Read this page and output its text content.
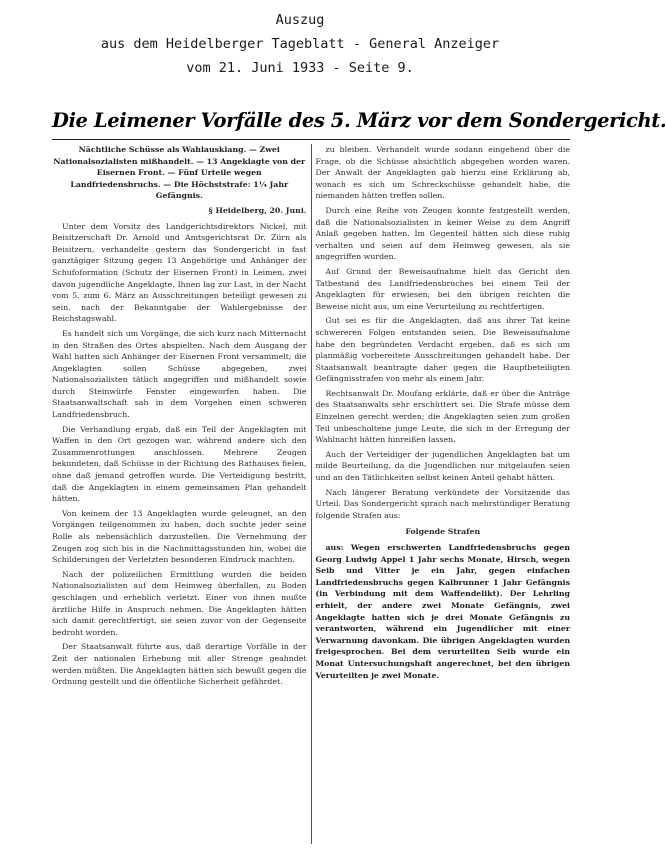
Auszug
aus dem Heidelberger Tageblatt - General Anzeiger
vom 21. Juni 1933 - Seite 9.
Die Leimener Vorfälle des 5. März vor dem Sondergericht.

Nächtliche Schüsse als Wahlausklang. — Zwei Nationalsozialisten mißhandelt. — 13 Angeklagte von der Eisernen Front. — Fünf Urteile wegen Landfriedensbruchs. — Die Höchststrafe: 1¼ Jahr Gefängnis.

§ Heidelberg, 20. Juni.

Unter dem Vorsitz des Landgerichtsdirektors Nickel, mit Beisitzerschaft Dr. Arnold und Amtsgerichtsrat Dr. Zürn als Beisitzern, verhandelte gestern das Sondergericht in fast ganztägiger Sitzung gegen 13 Angehörige und Anhänger der Schufoformation (Schutz der Eisernen Front) in Leimen, zwei davon jugendliche Angeklagte. Ihnen lag zur Last, in der Nacht vom 5. zum 6. März an Ausschreitungen beteiligt gewesen zu sein, nach der Bekanntgabe der Wahlergebnisse der Reichstagswahl.

Es handelt sich um Vorgänge, die sich kurz nach Mitternacht in den Straßen des Ortes abspielten. Nach dem Ausgang der Wahl hatten sich Anhänger der Eisernen Front versammelt; die Angeklagten sollen Schüsse abgegeben, zwei Nationalsozialisten tätlich angegriffen und mißhandelt sowie durch Steinwürfe Fenster eingeworfen haben. Die Staatsanwaltschaft sah in dem Vorgehen einen schweren Landfriedensbruch.

Die Verhandlung ergab, daß ein Teil der Angeklagten mit Waffen in den Ort gezogen war, während andere sich den Zusammenrottungen anschlossen. Mehrere Zeugen bekundeten, daß Schüsse in der Richtung des Rathauses fielen, ohne daß jemand getroffen wurde. Die Verteidigung bestritt, daß die Angeklagten in einem gemeinsamen Plan gehandelt hätten.

Von keinem der 13 Angeklagten wurde geleugnet, an den Vorgängen teilgenommen zu haben, doch suchte jeder seine Rolle als nebensächlich darzustellen. Die Vernehmung der Zeugen zog sich bis in die Nachmittagsstunden hin, wobei die Schilderungen der Verletzten besonderen Eindruck machten.

Nach der polizeilichen Ermittlung wurden die beiden Nationalsozialisten auf dem Heimweg überfallen, zu Boden geschlagen und erheblich verletzt. Einer von ihnen mußte ärztliche Hilfe in Anspruch nehmen. Die Angeklagten hätten sich damit gerechtfertigt, sie seien zuvor von der Gegenseite bedroht worden.

Der Staatsanwalt führte aus, daß derartige Vorfälle in der Zeit der nationalen Erhebung mit aller Strenge geahndet werden müßten. Die Angeklagten hätten sich bewußt gegen die Ordnung gestellt und die öffentliche Sicherheit gefährdet.

zu bleiben. Verhandelt wurde sodann eingehend über die Frage, ob die Schüsse absichtlich abgegeben worden waren. Der Anwalt der Angeklagten gab hierzu eine Erklärung ab, wonach es sich um Schreckschüsse gehandelt habe, die niemanden hätten treffen sollen.

Durch eine Reihe von Zeugen konnte festgestellt werden, daß die Nationalsozialisten in keiner Weise zu dem Angriff Anlaß gegeben hatten. Im Gegenteil hätten sich diese ruhig verhalten und seien auf dem Heimweg gewesen, als sie angegriffen wurden.

Auf Grund der Beweisaufnahme hielt das Gericht den Tatbestand des Landfriedensbruches bei einem Teil der Angeklagten für erwiesen; bei den übrigen reichten die Beweise nicht aus, um eine Verurteilung zu rechtfertigen.

Gut sei es für die Angeklagten, daß aus ihrer Tat keine schwereren Folgen entstanden seien. Die Beweisaufnahme habe den begründeten Verdacht ergeben, daß es sich um planmäßig vorbereitete Ausschreitungen gehandelt habe. Der Staatsanwalt beantragte daher gegen die Hauptbeteiligten Gefängnisstrafen von mehr als einem Jahr.

Rechtsanwalt Dr. Moufang erklärte, daß er über die Anträge des Staatsanwalts sehr erschüttert sei. Die Strafe müsse dem Einzelnen gerecht werden; die Angeklagten seien zum großen Teil unbescholtene junge Leute, die sich in der Erregung der Wahlnacht hätten hinreißen lassen.

Auch der Verteidiger der jugendlichen Angeklagten bat um milde Beurteilung, da die Jugendlichen nur mitgelaufen seien und an den Tätlichkeiten selbst keinen Anteil gehabt hätten.

Nach längerer Beratung verkündete der Vorsitzende das Urteil. Das Sondergericht sprach nach mehrstündiger Beratung folgende Strafen aus:

Folgende Strafen

aus: Wegen erschwerten Landfriedensbruchs gegen Georg Ludwig Appel 1 Jahr sechs Monate, Hirsch, wegen Seib und Vitter je ein Jahr, gegen einfachen Landfriedensbruchs gegen Kalbrunner 1 Jahr Gefängnis (in Verbindung mit dem Waffendelikt). Der Lehrling erhielt, der andere zwei Monate Gefängnis, zwei Angeklagte hatten sich je drei Monate Gefängnis zu verantworten, während ein Jugendlicher mit einer Verwarnung davonkam. Die übrigen Angeklagten wurden freigesprochen. Bei dem verurteilten Seib wurde ein Monat Untersuchungshaft angerechnet, bei den übrigen Verurteilten je zwei Monate.
